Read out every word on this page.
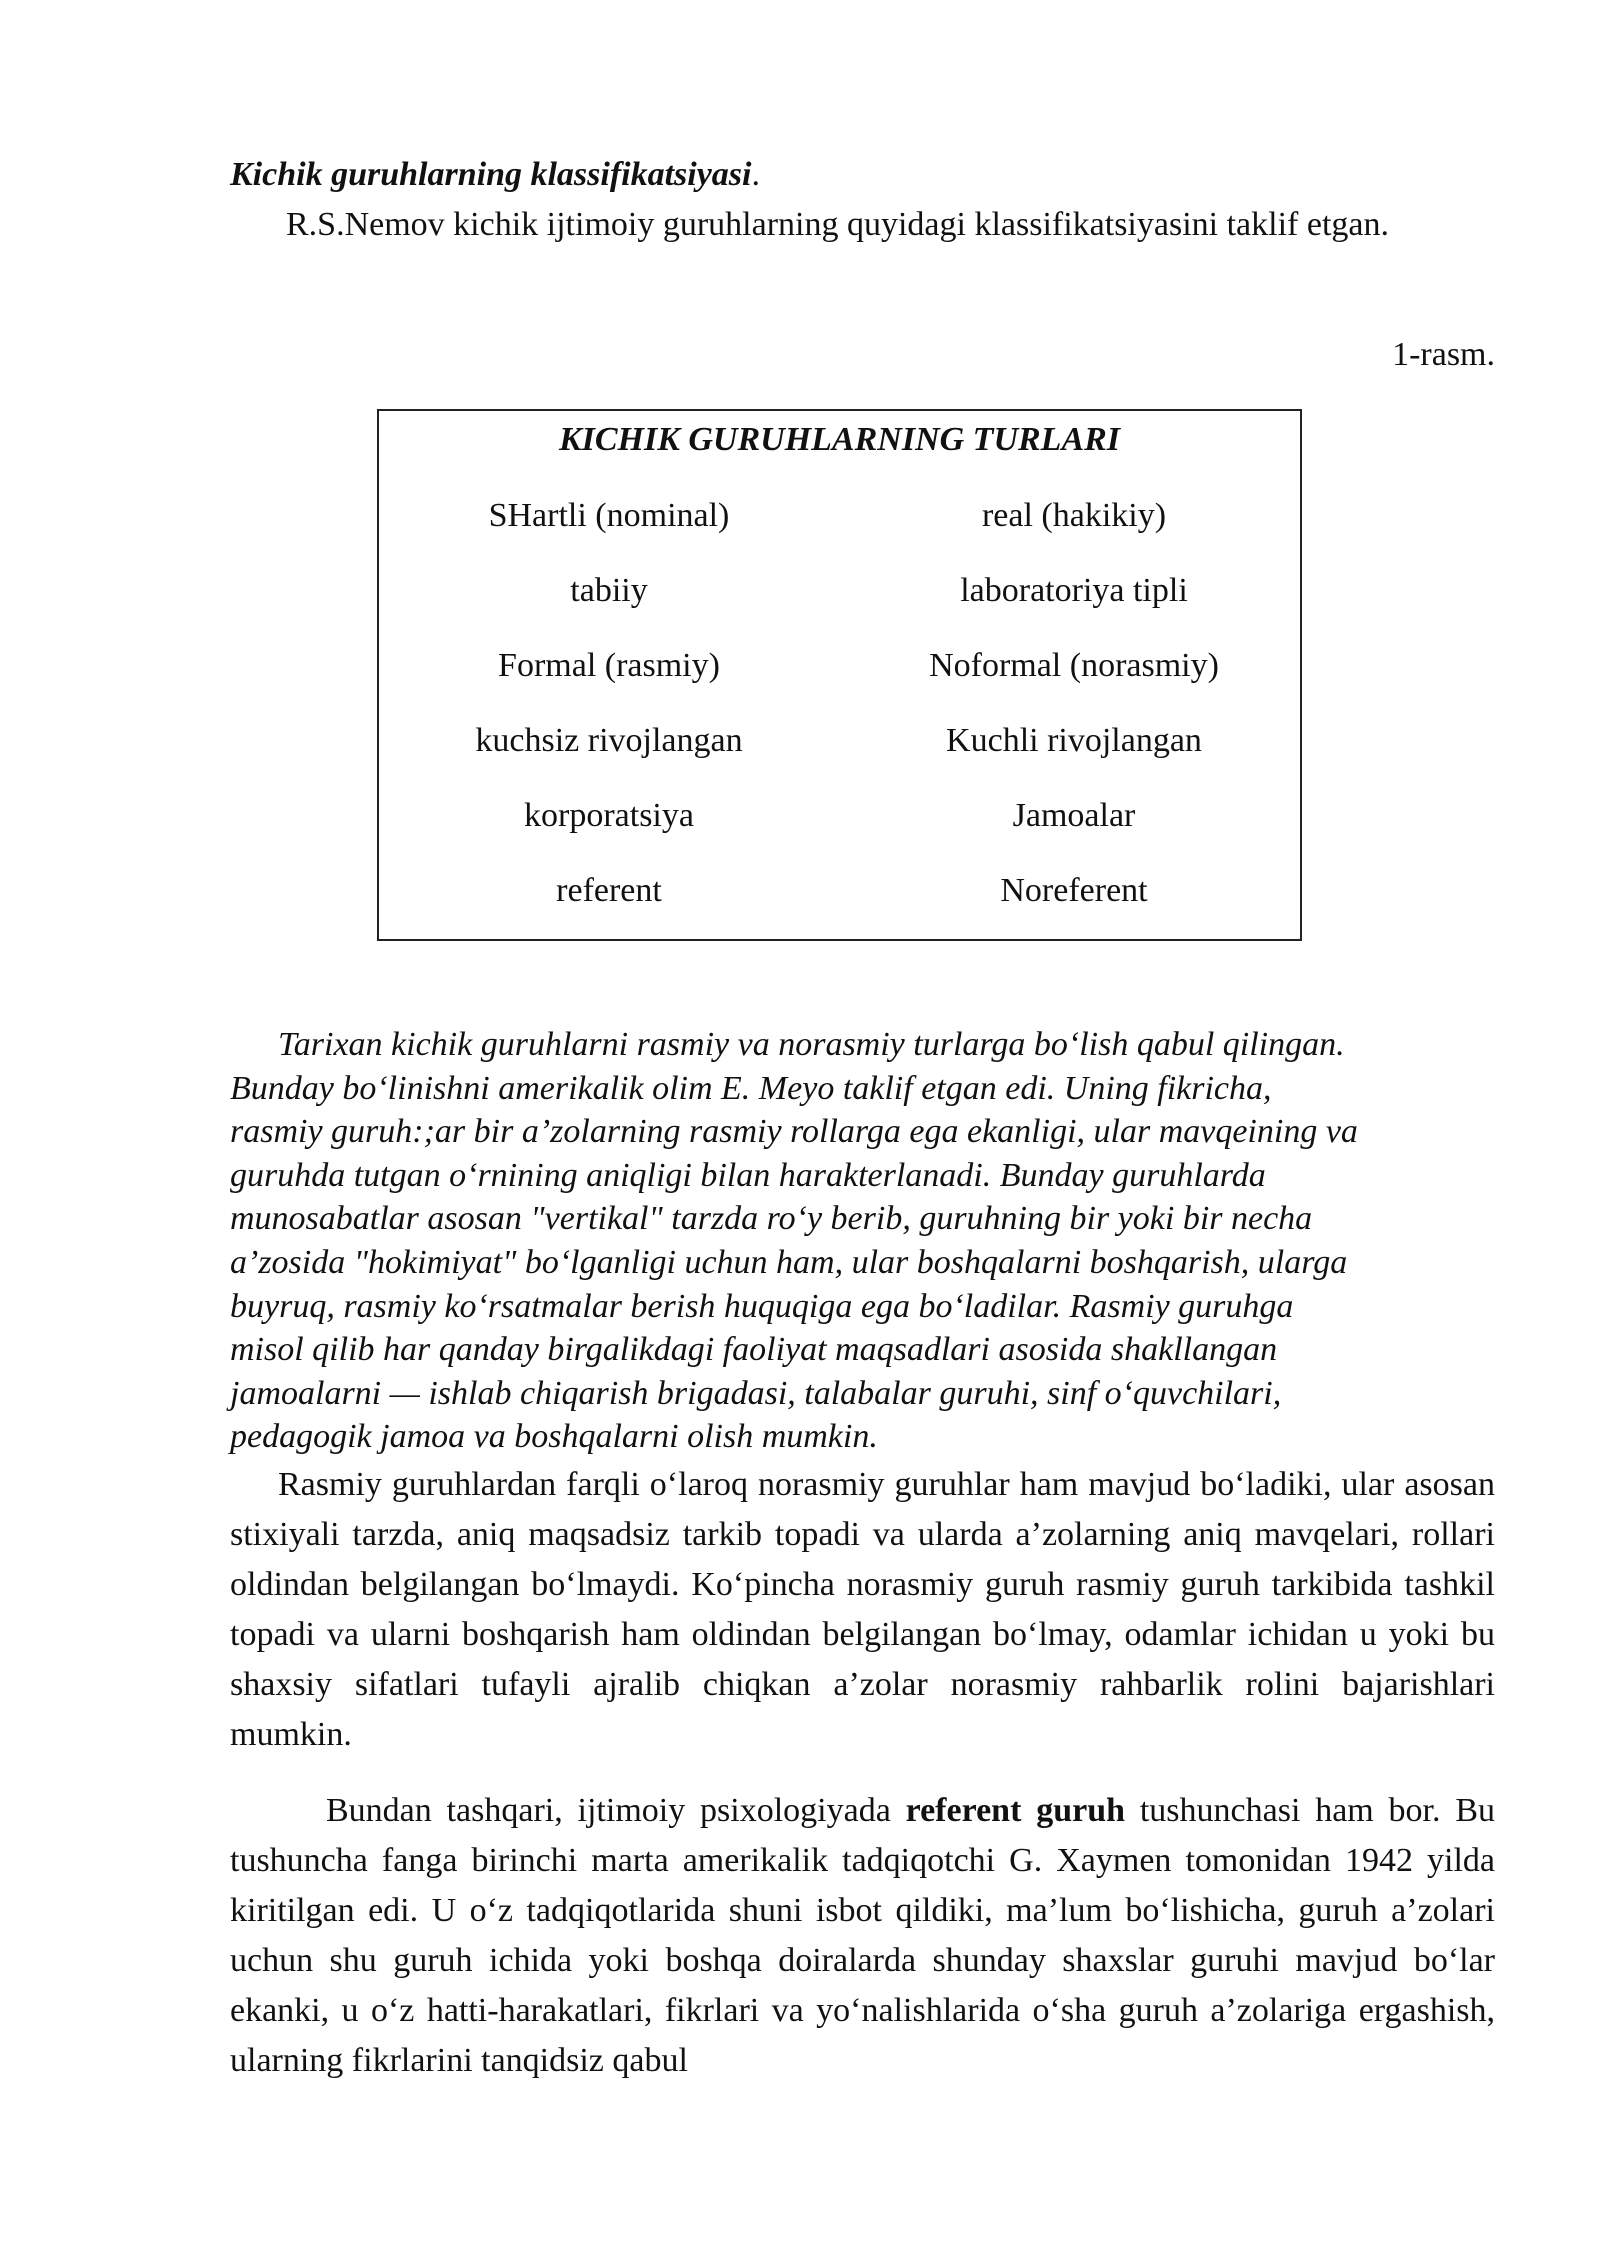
Kichik guruhlarning klassifikatsiyasi.
R.S.Nemov kichik ijtimoiy guruhlarning quyidagi klassifikatsiyasini taklif etgan.
1-rasm.
KICHIK GURUHLARNING TURLARI
SHartli (nominal)	real (hakikiy)
tabiiy	laboratoriya tipli
Formal (rasmiy)	Noformal (norasmiy)
kuchsiz rivojlangan	Kuchli rivojlangan
korporatsiya	Jamoalar
referent	Noreferent
Tarixan kichik guruhlarni rasmiy va norasmiy turlarga bo‘lish qabul qilingan.
Bunday bo‘linishni amerikalik olim E. Meyo taklif etgan edi. Uning fikricha,
rasmiy guruh:;ar bir a’zolarning rasmiy rollarga ega ekanligi, ular mavqeining va
guruhda tutgan o‘rnining aniqligi bilan harakterlanadi. Bunday guruhlarda
munosabatlar asosan "vertikal" tarzda ro‘y berib, guruhning bir yoki bir necha
a’zosida "hokimiyat" bo‘lganligi uchun ham, ular boshqalarni boshqarish, ularga
buyruq, rasmiy ko‘rsatmalar berish huquqiga ega bo‘ladilar. Rasmiy guruhga
misol qilib har qanday birgalikdagi faoliyat maqsadlari asosida shakllangan
jamoalarni — ishlab chiqarish brigadasi, talabalar guruhi, sinf o‘quvchilari,
pedagogik jamoa va boshqalarni olish mumkin.
Rasmiy guruhlardan farqli o‘laroq norasmiy guruhlar ham mavjud bo‘ladiki, ular asosan stixiyali tarzda, aniq maqsadsiz tarkib topadi va ularda a’zolarning aniq mavqelari, rollari oldindan belgilangan bo‘lmaydi. Ko‘pincha norasmiy guruh rasmiy guruh tarkibida tashkil topadi va ularni boshqarish ham oldindan belgilangan bo‘lmay, odamlar ichidan u yoki bu shaxsiy sifatlari tufayli ajralib chiqkan a’zolar norasmiy rahbarlik rolini bajarishlari mumkin.
Bundan tashqari, ijtimoiy psixologiyada referent guruh tushunchasi ham bor. Bu tushuncha fanga birinchi marta amerikalik tadqiqotchi G. Xaymen tomonidan 1942 yilda kiritilgan edi. U o‘z tadqiqotlarida shuni isbot qildiki, ma’lum bo‘lishicha, guruh a’zolari uchun shu guruh ichida yoki boshqa doiralarda shunday shaxslar guruhi mavjud bo‘lar ekanki, u o‘z hatti-harakatlari, fikrlari va yo‘nalishlarida o‘sha guruh a’zolariga ergashish, ularning fikrlarini tanqidsiz qabul
